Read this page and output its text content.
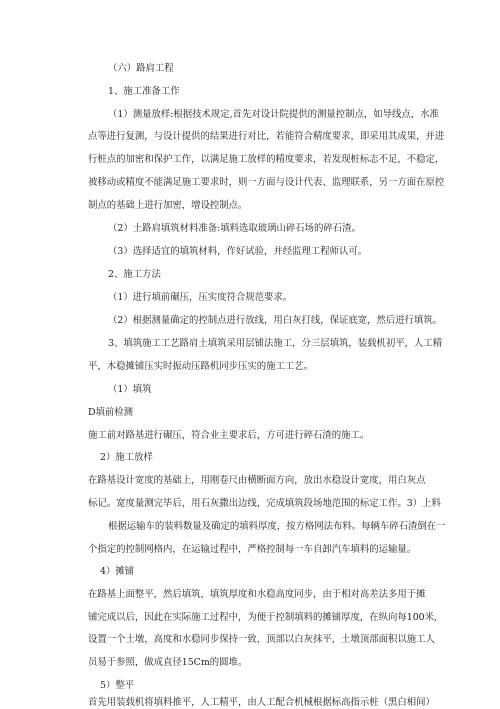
（六）路肩工程
1、施工准备工作
（1）测量放样:根据技术规定,首先对设计院提供的测量控制点，如导线点，水准
点等进行复测，与设计提供的结果进行对比，若能符合精度要求，即采用其成果，并进
行桩点的加密和保护工作，以满足施工放样的精度要求，若发现桩标志不足，不稳定，
被移动或精度不能满足施工要求时，则一方面与设计代表、监理联系，另一方面在原控
制点的基础上进行加密，增设控制点。
（2）土路肩填筑材料准备:填料选取玻璃山碎石场的碎石渣。
（3）选择适宜的填筑材料，作好试验，并经监理工程师认可。
2、施工方法
（1）进行填前碾压，压实度符合规范要求。
（2）根据测量确定的控制点进行放线，用白灰打线，保证底宽，然后进行填筑。
3、填筑施工工艺路肩土填筑采用层铺法施工，分三层填筑，装载机初平，人工精
平，木稳摊铺压实时振动压路机同步压实的施工工艺。
（1）填筑
D填前检测
施工前对路基进行碾压，符合业主要求后，方可进行碎石渣的施工。
2）施工放样
在路基设计宽度的基础上，用刚卷尺由横断面方向，放出水稳设计宽度，用白灰点
标记。宽度量测完毕后，用石灰撒出边线，完成填筑段场地范围的标定工作。3）上料
根据运输车的装料数量及确定的填料厚度，按方格网法布料。每辆车碎石渣倒在一
个指定的控制网格内，在运输过程中，严格控制每一车自卸汽车填料的运输量。
4）摊铺
在路基上面整平，然后填筑，填筑厚度和水稳高度同步，由于相对高差法多用于摊
铺完成以后，因此在实际施工过程中，为便于控制填料的摊铺厚度，在纵向每100米,
设置一个土墩，高度和水稳同步保持一致，顶部以白灰抹平，土墩顶部面积以施工人
员易于参照，做成直径15Cm的圆堆。
5）整平
首先用装载机将填料推平，人工精平，由人工配合机械根据标高指示桩（黑白相间）
